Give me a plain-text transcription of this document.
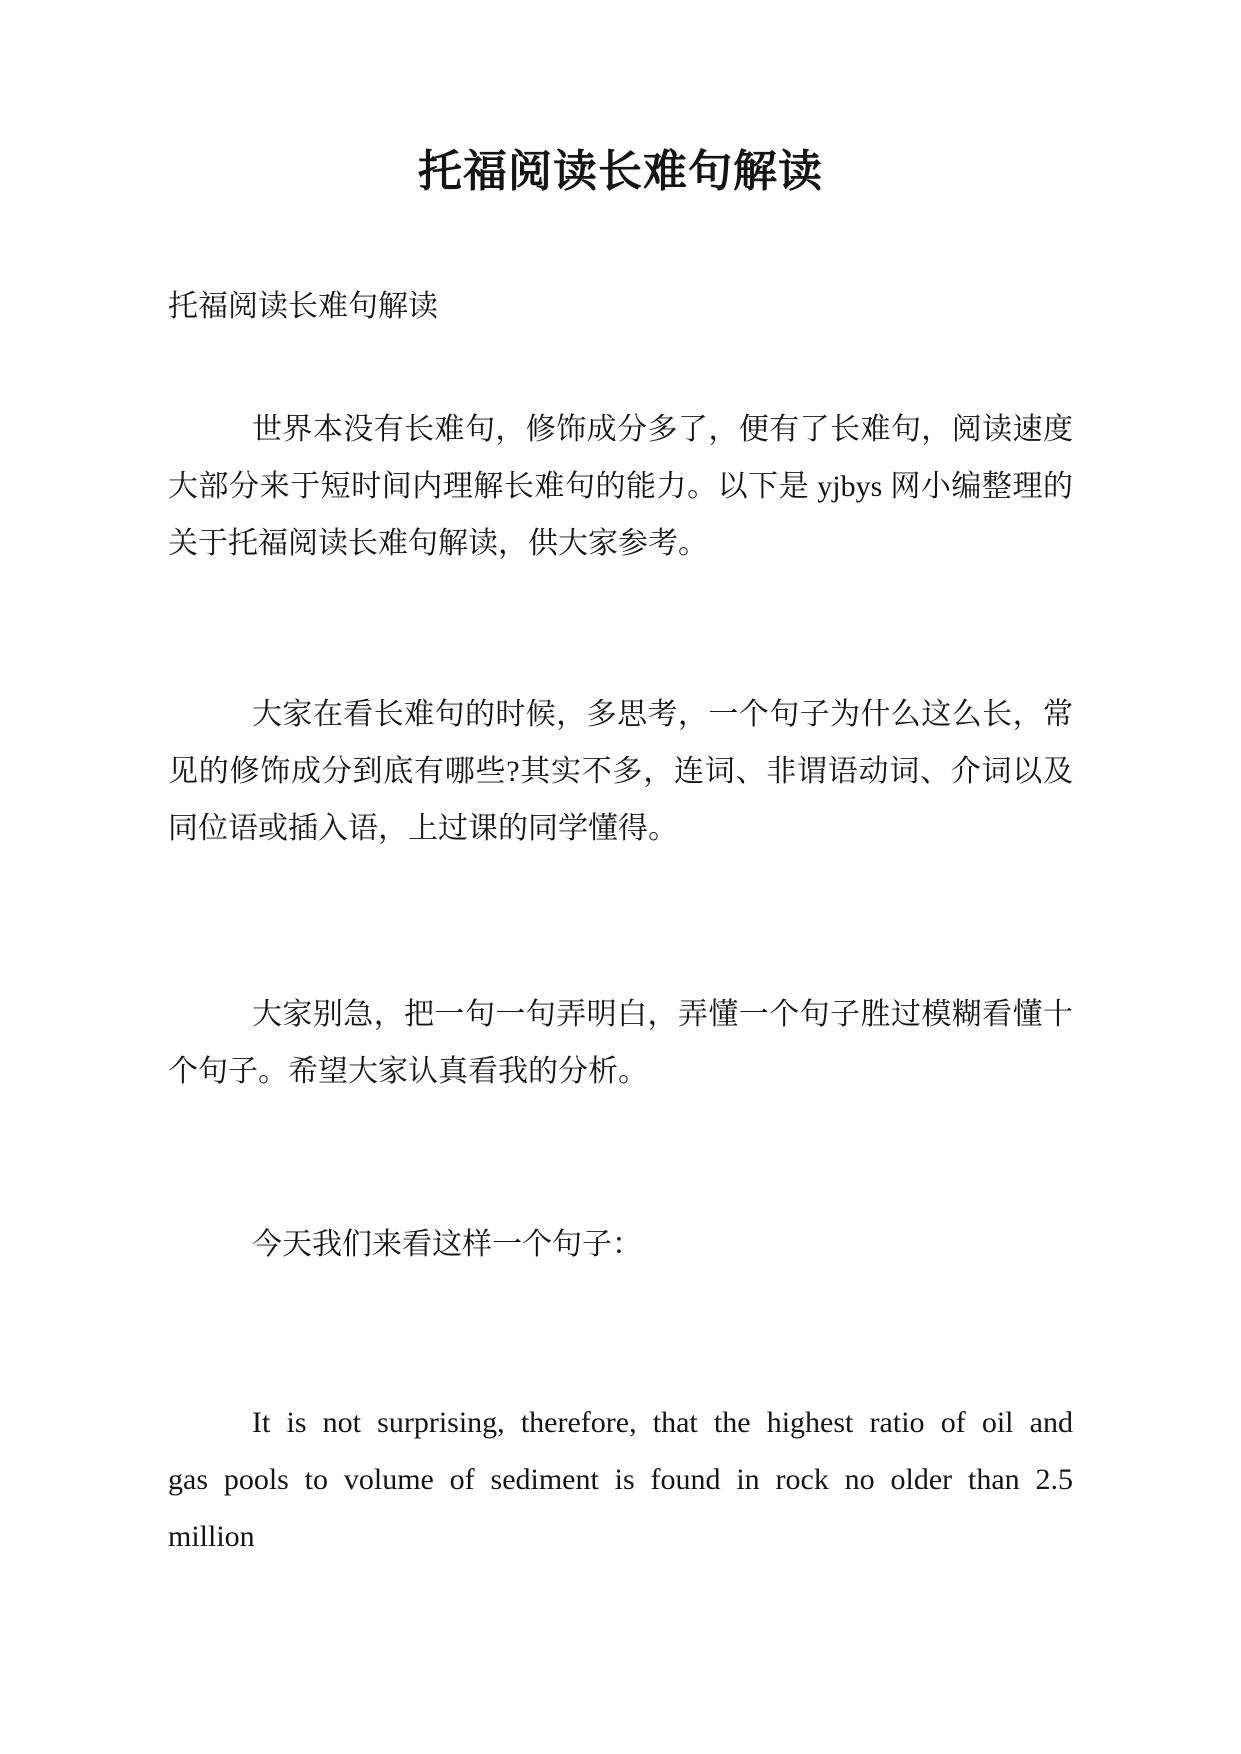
托福阅读长难句解读

托福阅读长难句解读

世界本没有长难句，修饰成分多了，便有了长难句，阅读速度大部分来于短时间内理解长难句的能力。以下是 yjbys 网小编整理的关于托福阅读长难句解读，供大家参考。

大家在看长难句的时候，多思考，一个句子为什么这么长，常见的修饰成分到底有哪些?其实不多，连词、非谓语动词、介词以及同位语或插入语，上过课的同学懂得。

大家别急，把一句一句弄明白，弄懂一个句子胜过模糊看懂十个句子。希望大家认真看我的分析。

今天我们来看这样一个句子：

It is not surprising, therefore, that the highest ratio of oil and gas pools to volume of sediment is found in rock no older than 2.5 million
